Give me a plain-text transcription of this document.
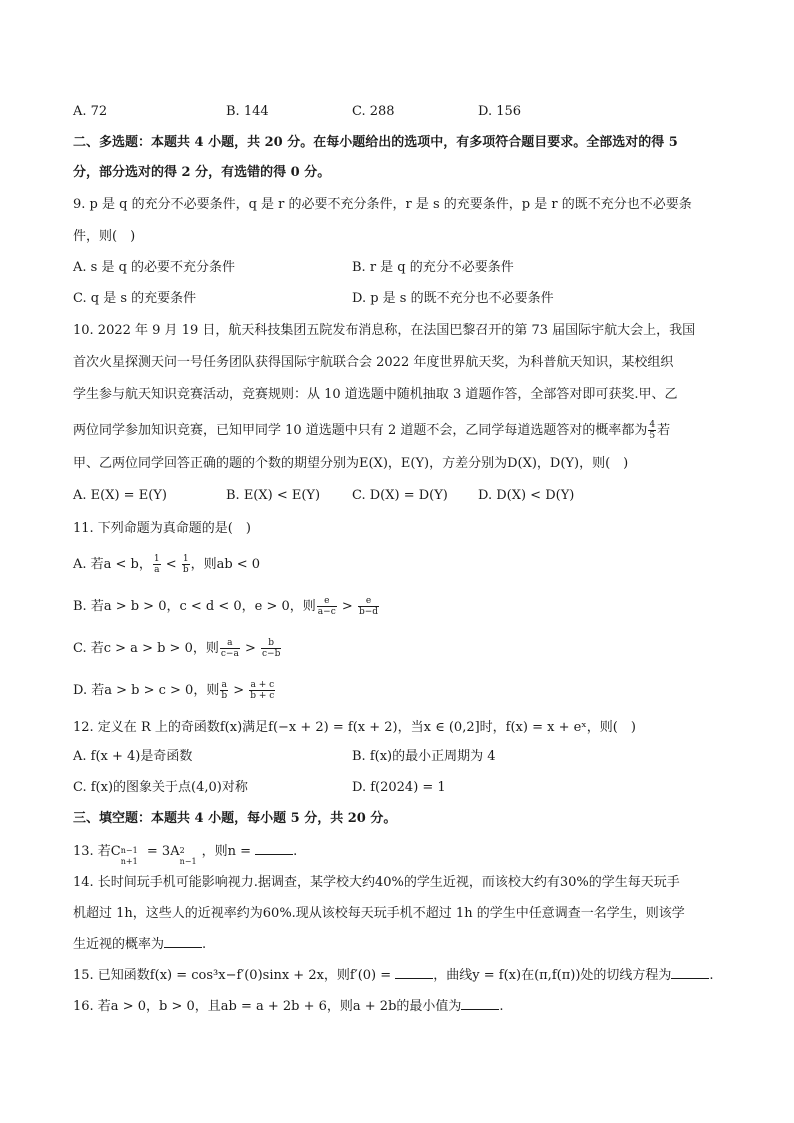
A. 72	B. 144	C. 288	D. 156
二、多选题：本题共 4 小题，共 20 分。在每小题给出的选项中，有多项符合题目要求。全部选对的得 5
分，部分选对的得 2 分，有选错的得 0 分。
9. p 是 q 的充分不必要条件，q 是 r 的必要不充分条件，r 是 s 的充要条件，p 是 r 的既不充分也不必要条
件，则(　)
A. s 是 q 的必要不充分条件	B. r 是 q 的充分不必要条件
C. q 是 s 的充要条件	D. p 是 s 的既不充分也不必要条件
10. 2022 年 9 月 19 日，航天科技集团五院发布消息称，在法国巴黎召开的第 73 届国际宇航大会上，我国
首次火星探测天问一号任务团队获得国际宇航联合会 2022 年度世界航天奖，为科普航天知识，某校组织
学生参与航天知识竞赛活动，竞赛规则：从 10 道选题中随机抽取 3 道题作答，全部答对即可获奖.甲、乙
两位同学参加知识竞赛，已知甲同学 10 道选题中只有 2 道题不会，乙同学每道选题答对的概率都为 $\frac{4}{5}$ 若
甲、乙两位同学回答正确的题的个数的期望分别为E(X)，E(Y)，方差分别为D(X)，D(Y)，则(　)
A. E(X) = E(Y)	B. E(X) < E(Y) C. D(X) = D(Y) D. D(X) < D(Y)
11. 下列命题为真命题的是(　)
A. 若a < b， $\frac{1}{a} < \frac{1}{b}$ ，则ab < 0
B. 若a > b > 0，c < d < 0，e > 0，则 $\frac{e}{a-c} > \frac{e}{b-d}$
C. 若c > a > b > 0，则 $\frac{a}{c-a} > \frac{b}{c-b}$
D. 若a > b > c > 0，则 $\frac{a}{b} > \frac{a + c}{b + c}$
12. 定义在 R 上的奇函数f(x)满足f(−x + 2) = f(x + 2)，当x ∈ (0,2]时，f(x) = x + eˣ，则(　)
A. f(x + 4)是奇函数	B. f(x)的最小正周期为 4
C. f(x)的图象关于点(4,0)对称	D. f(2024) = 1
三、填空题：本题共 4 小题，每小题 5 分，共 20 分。
13. 若C n−1
n+1
= 3A 2
n−1
，则n =	.
14. 长时间玩手机可能影响视力.据调查，某学校大约40%的学生近视，而该校大约有30%的学生每天玩手
机超过 1h，这些人的近视率约为60%.现从该校每天玩手机不超过 1h 的学生中任意调查一名学生，则该学
生近视的概率为	.
15. 已知函数f(x) = cos³x−f′(0)sinx + 2x，则f′(0) =	，曲线y = f(x)在(π,f(π))处的切线方程为	.
16. 若a > 0，b > 0，且ab = a + 2b + 6，则a + 2b的最小值为	.
